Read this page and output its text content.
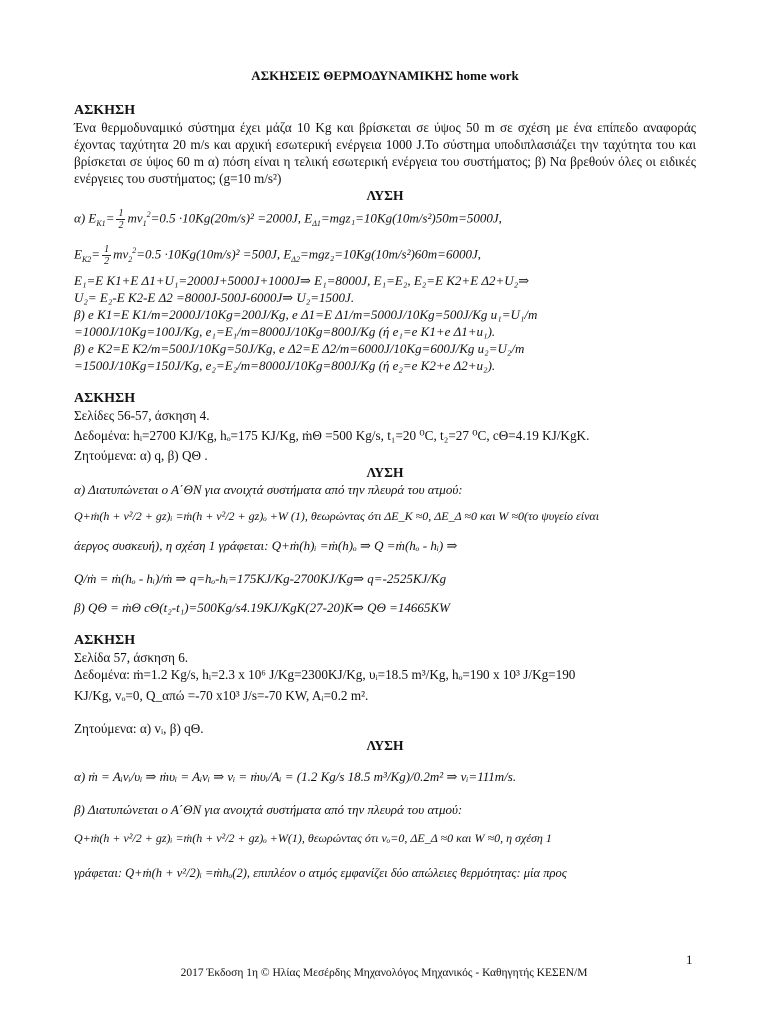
ΑΣΚΗΣΕΙΣ ΘΕΡΜΟΔΥΝΑΜΙΚΗΣ home work

ΑΣΚΗΣΗ

Ένα θερμοδυναμικό σύστημα έχει μάζα 10 Kg και βρίσκεται σε ύψος 50 m σε σχέση με ένα επίπεδο αναφοράς έχοντας ταχύτητα 20 m/s και αρχική εσωτερική ενέργεια 1000 J.Το σύστημα υποδιπλασιάζει την ταχύτητα του και βρίσκεται σε ύψος 60 m α) πόση είναι η τελική εσωτερική ενέργεια του συστήματος; β) Να βρεθούν όλες οι ειδικές ενέργειες του συστήματος; (g=10 m/s²)

ΛΥΣΗ

α) $E_{K1}= \frac{1}{2} mv_1^2=0.5 \cdot 10Kg(20m/s)^2 =2000J$, $E_{\Delta 1}=mgz_1=10Kg(10m/s^2)50m=5000J$,

$E_{K2}= \frac{1}{2} mv_2^2=0.5 \cdot 10Kg(10m/s)^2 =500J$, $E_{\Delta 2}=mgz_2=10Kg(10m/s^2)60m=6000J$,

E₁=E K1+E Δ1+U₁=2000J+5000J+1000J⇒ E₁=8000J, E₁=E₂, E₂=E K2+E Δ2+U₂⇒

U₂= E₂-E K2-E Δ2 =8000J-500J-6000J⇒ U₂=1500J.

β) e K1=E K1/m=2000J/10Kg=200J/Kg, e Δ1=E Δ1/m=5000J/10Kg=500J/Kg u₁=U₁/m

=1000J/10Kg=100J/Kg, e₁=E₁/m=8000J/10Kg=800J/Kg (ή e₁=e K1+e Δ1+u₁).

β) e K2=E K2/m=500J/10Kg=50J/Kg, e Δ2=E Δ2/m=6000J/10Kg=600J/Kg u₂=U₂/m

=1500J/10Kg=150J/Kg, e₂=E₂/m=8000J/10Kg=800J/Kg (ή e₂=e K2+e Δ2+u₂).

ΑΣΚΗΣΗ

Σελίδες 56-57, άσκηση 4.

Δεδομένα: hᵢ=2700 KJ/Kg, hₒ=175 KJ/Kg, ṁΘ =500 Kg/s, t₁=20 ⁰C, t₂=27 ⁰C, cΘ=4.19 KJ/KgK.

Ζητούμενα: α) q, β) QΘ .

ΛΥΣΗ

α) Διατυπώνεται ο Α΄ΘΝ για ανοιχτά συστήματα από την πλευρά του ατμού:

Q+ṁ(h + v²/2 + gz)ᵢ =ṁ(h + v²/2 + gz)ₒ +W (1), θεωρώντας ότι ΔE_K ≈0, ΔE_Δ ≈0 και W ≈0(το ψυγείο είναι

άεργος συσκευή), η σχέση 1 γράφεται: Q+ṁ(h)ᵢ =ṁ(h)ₒ ⇒ Q =ṁ(hₒ - hᵢ) ⇒

Q/ṁ = ṁ(hₒ - hᵢ)/ṁ ⇒ q=hₒ-hᵢ=175KJ/Kg-2700KJ/Kg⇒ q=-2525KJ/Kg

β) QΘ = ṁΘ cΘ(t₂-t₁)=500Kg/s4.19KJ/KgK(27-20)K⇒ QΘ =14665KW

ΑΣΚΗΣΗ

Σελίδα 57, άσκηση 6.

Δεδομένα: ṁ=1.2 Kg/s, hᵢ=2.3 x 10⁶ J/Kg=2300KJ/Kg, υᵢ=18.5 m³/Kg, hₒ=190 x 10³ J/Kg=190

KJ/Kg, vₒ=0, Q_απώ =-70 x10³ J/s=-70 KW, Aᵢ=0.2 m².

Ζητούμενα: α) vᵢ, β) qΘ.

ΛΥΣΗ

α) ṁ = Aᵢvᵢ/υᵢ ⇒ ṁυᵢ = Aᵢvᵢ ⇒ vᵢ = ṁυᵢ/Aᵢ = (1.2 Kg/s 18.5 m³/Kg)/0.2m² ⇒ vᵢ=111m/s.

β) Διατυπώνεται ο Α΄ΘΝ για ανοιχτά συστήματα από την πλευρά του ατμού:

Q+ṁ(h + v²/2 + gz)ᵢ =ṁ(h + v²/2 + gz)ₒ +W(1), θεωρώντας ότι vₒ=0, ΔE_Δ ≈0 και W ≈0, η σχέση 1

γράφεται: Q+ṁ(h + v²/2)ᵢ =ṁhₒ(2), επιπλέον ο ατμός εμφανίζει δύο απώλειες θερμότητας: μία προς

1
2017 Έκδοση 1η © Ηλίας Μεσέρδης Μηχανολόγος Μηχανικός - Καθηγητής ΚΕΣΕΝ/Μ
